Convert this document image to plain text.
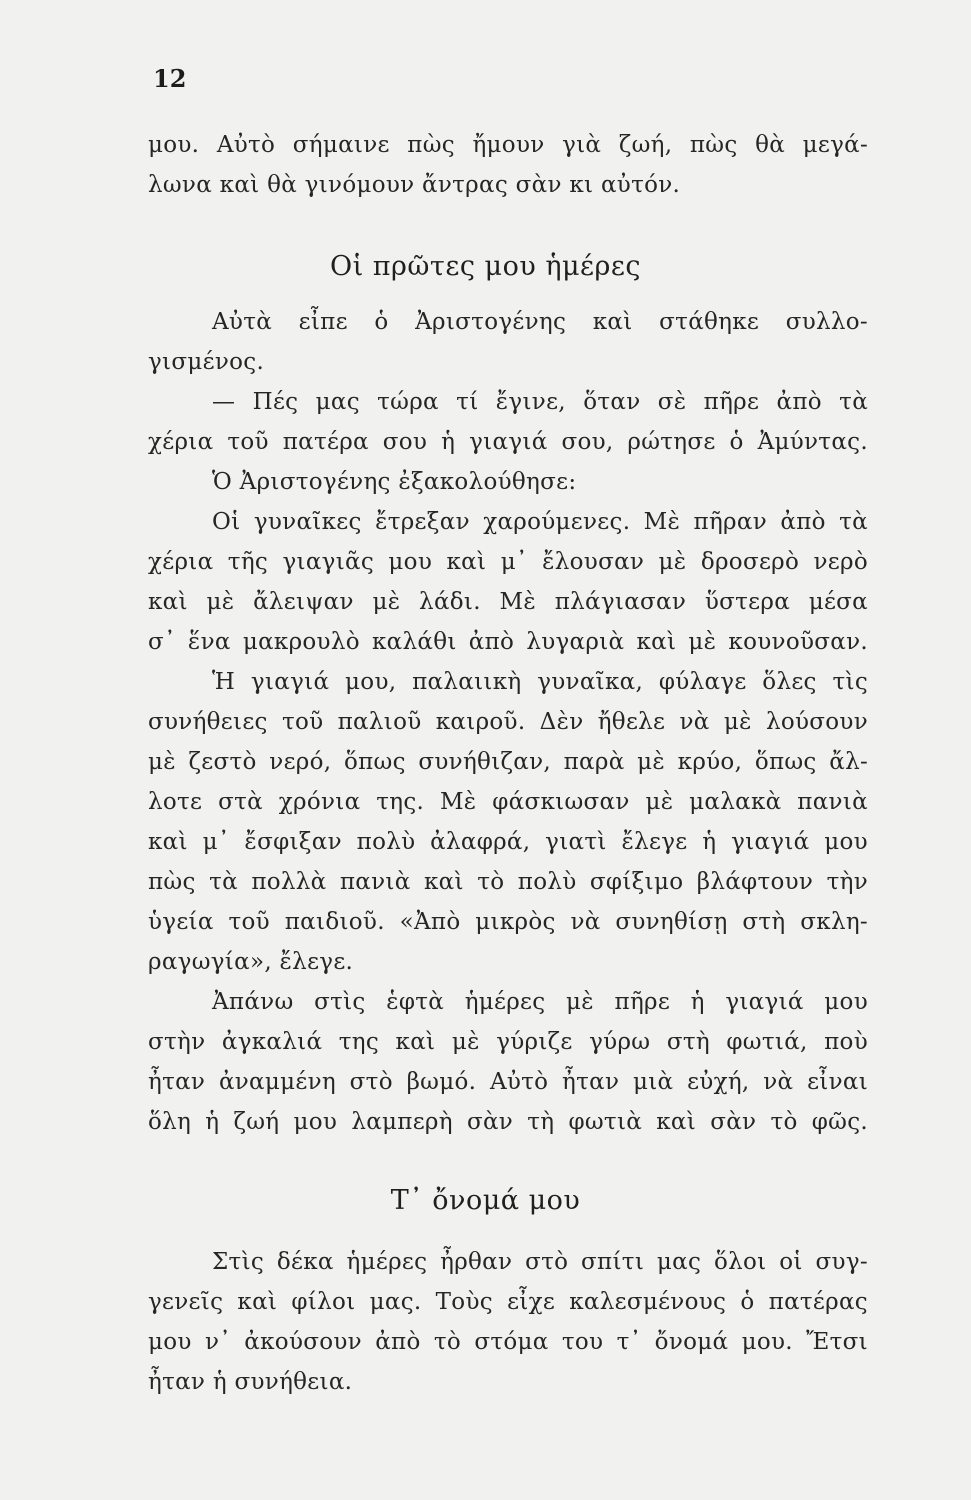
12
μου. Αὐτὸ σήμαινε πὼς ἤμουν γιὰ ζωή, πὼς θὰ μεγά-
λωνα καὶ θὰ γινόμουν ἄντρας σὰν κι αὐτόν.
Οἱ πρῶτες μου ἡμέρες
Αὐτὰ εἶπε ὁ Ἀριστογένης καὶ στάθηκε συλλο-
γισμένος.
— Πές μας τώρα τί ἔγινε, ὅταν σὲ πῆρε ἀπὸ τὰ
χέρια τοῦ πατέρα σου ἡ γιαγιά σου, ρώτησε ὁ Ἀμύντας.
Ὁ Ἀριστογένης ἐξακολούθησε:
Οἱ γυναῖκες ἔτρεξαν χαρούμενες. Μὲ πῆραν ἀπὸ τὰ
χέρια τῆς γιαγιᾶς μου καὶ μ᾿ ἔλουσαν μὲ δροσερὸ νερὸ
καὶ μὲ ἄλειψαν μὲ λάδι. Μὲ πλάγιασαν ὕστερα μέσα
σ᾿ ἕνα μακρουλὸ καλάθι ἀπὸ λυγαριὰ καὶ μὲ κουνοῦσαν.
Ἡ γιαγιά μου, παλαιικὴ γυναῖκα, φύλαγε ὅλες τὶς
συνήθειες τοῦ παλιοῦ καιροῦ. Δὲν ἤθελε νὰ μὲ λούσουν
μὲ ζεστὸ νερό, ὅπως συνήθιζαν, παρὰ μὲ κρύο, ὅπως ἄλ-
λοτε στὰ χρόνια της. Μὲ φάσκιωσαν μὲ μαλακὰ πανιὰ
καὶ μ᾿ ἔσφιξαν πολὺ ἀλαφρά, γιατὶ ἔλεγε ἡ γιαγιά μου
πὼς τὰ πολλὰ πανιὰ καὶ τὸ πολὺ σφίξιμο βλάφτουν τὴν
ὑγεία τοῦ παιδιοῦ. «Ἀπὸ μικρὸς νὰ συνηθίσῃ στὴ σκλη-
ραγωγία», ἔλεγε.
Ἀπάνω στὶς ἑφτὰ ἡμέρες μὲ πῆρε ἡ γιαγιά μου
στὴν ἀγκαλιά της καὶ μὲ γύριζε γύρω στὴ φωτιά, ποὺ
ἦταν ἀναμμένη στὸ βωμό. Αὐτὸ ἦταν μιὰ εὐχή, νὰ εἶναι
ὅλη ἡ ζωή μου λαμπερὴ σὰν τὴ φωτιὰ καὶ σὰν τὸ φῶς.
Τ᾿ ὄνομά μου
Στὶς δέκα ἡμέρες ἦρθαν στὸ σπίτι μας ὅλοι οἱ συγ-
γενεῖς καὶ φίλοι μας. Τοὺς εἶχε καλεσμένους ὁ πατέρας
μου ν᾿ ἀκούσουν ἀπὸ τὸ στόμα του τ᾿ ὄνομά μου. Ἔτσι
ἦταν ἡ συνήθεια.
